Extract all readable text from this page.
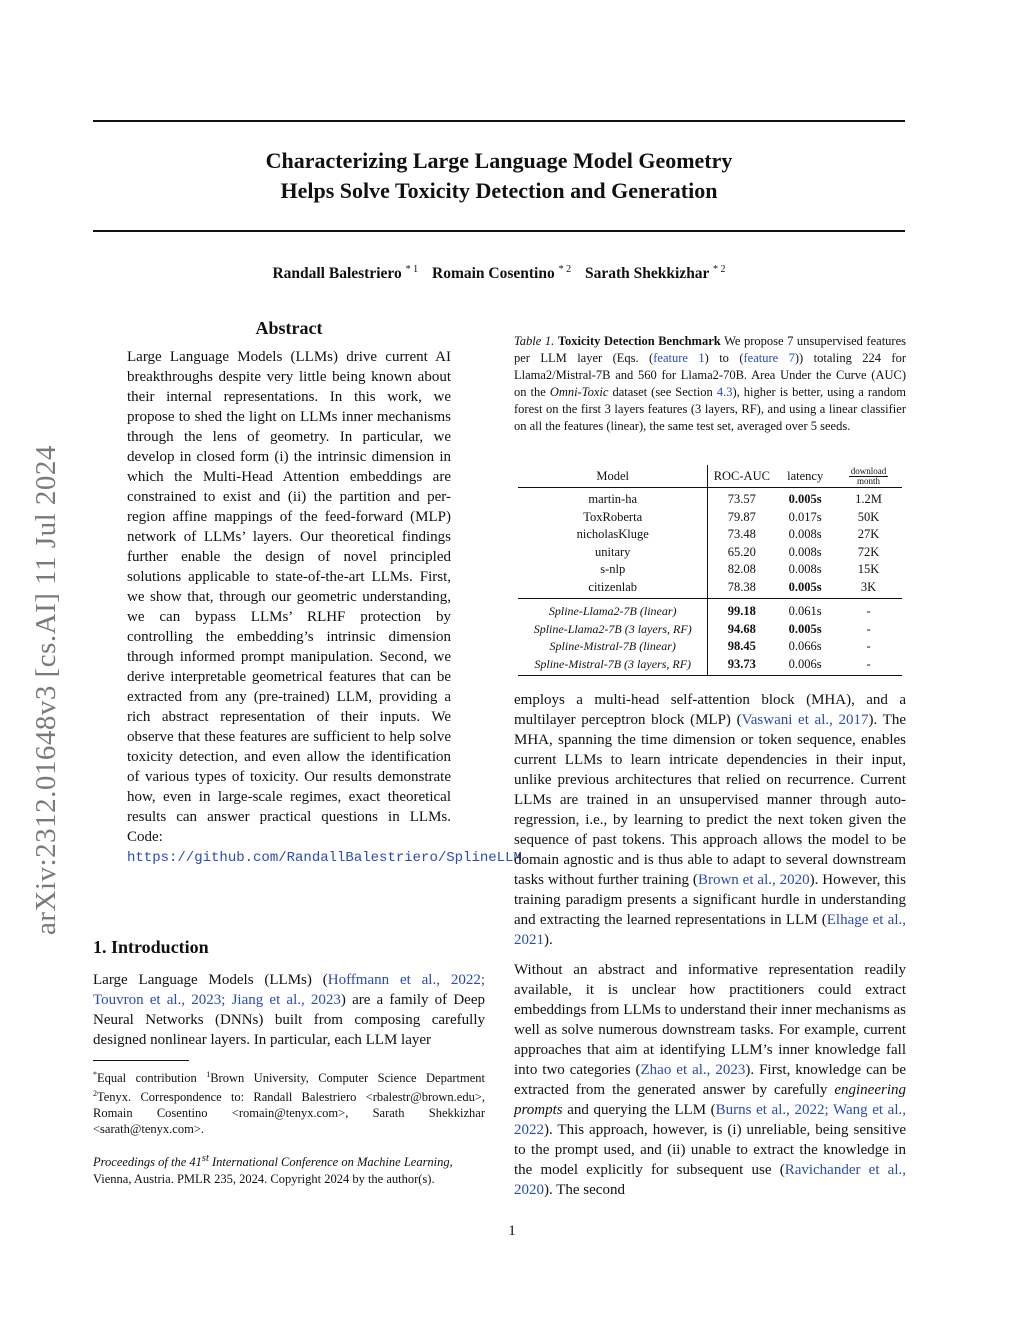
arXiv:2312.01648v3 [cs.AI] 11 Jul 2024
Characterizing Large Language Model Geometry
Helps Solve Toxicity Detection and Generation
Randall Balestriero $^{* 1}$ Romain Cosentino $^{* 2}$ Sarath Shekkizhar $^{* 2}$
Abstract
Large Language Models (LLMs) drive current AI breakthroughs despite very little being known about their internal representations. In this work, we propose to shed the light on LLMs inner mechanisms through the lens of geometry. In particular, we develop in closed form (i) the intrinsic dimension in which the Multi-Head Attention embeddings are constrained to exist and (ii) the partition and per-region affine mappings of the feed-forward (MLP) network of LLMs’ layers. Our theoretical findings further enable the design of novel principled solutions applicable to state-of-the-art LLMs. First, we show that, through our geometric understanding, we can bypass LLMs’ RLHF protection by controlling the embedding’s intrinsic dimension through informed prompt manipulation. Second, we derive interpretable geometrical features that can be extracted from any (pre-trained) LLM, providing a rich abstract representation of their inputs. We observe that these features are sufficient to help solve toxicity detection, and even allow the identification of various types of toxicity. Our results demonstrate how, even in large-scale regimes, exact theoretical results can answer practical questions in LLMs. Code: https://github.com/RandallBalestriero/SplineLLM
1. Introduction
Large Language Models (LLMs) (Hoffmann et al., 2022; Touvron et al., 2023; Jiang et al., 2023) are a family of Deep Neural Networks (DNNs) built from composing carefully designed nonlinear layers. In particular, each LLM layer
*Equal contribution $^1$Brown University, Computer Science Department $^2$Tenyx. Correspondence to: Randall Balestriero <rbalestr@brown.edu>, Romain Cosentino <romain@tenyx.com>, Sarath Shekkizhar <sarath@tenyx.com>.
Proceedings of the 41st International Conference on Machine Learning, Vienna, Austria. PMLR 235, 2024. Copyright 2024 by the author(s).
Table 1. Toxicity Detection Benchmark We propose 7 unsupervised features per LLM layer (Eqs. (feature 1) to (feature 7)) totaling 224 for Llama2/Mistral-7B and 560 for Llama2-70B. Area Under the Curve (AUC) on the Omni-Toxic dataset (see Section 4.3), higher is better, using a random forest on the first 3 layers features (3 layers, RF), and using a linear classifier on all the features (linear), the same test set, averaged over 5 seeds.
Model	ROC-AUC	latency	$\frac{\text{download}}{\text{month}}$

martin-ha	73.57	0.005s	1.2M
ToxRoberta	79.87	0.017s	50K
nicholasKluge	73.48	0.008s	27K
unitary	65.20	0.008s	72K
s-nlp	82.08	0.008s	15K
citizenlab	78.38	0.005s	3K
Spline-Llama2-7B (linear)	99.18	0.061s	-
Spline-Llama2-7B (3 layers, RF)	94.68	0.005s	-
Spline-Mistral-7B (linear)	98.45	0.066s	-
Spline-Mistral-7B (3 layers, RF)	93.73	0.006s	-
employs a multi-head self-attention block (MHA), and a multilayer perceptron block (MLP) (Vaswani et al., 2017). The MHA, spanning the time dimension or token sequence, enables current LLMs to learn intricate dependencies in their input, unlike previous architectures that relied on recurrence. Current LLMs are trained in an unsupervised manner through auto-regression, i.e., by learning to predict the next token given the sequence of past tokens. This approach allows the model to be domain agnostic and is thus able to adapt to several downstream tasks without further training (Brown et al., 2020). However, this training paradigm presents a significant hurdle in understanding and extracting the learned representations in LLM (Elhage et al., 2021).
Without an abstract and informative representation readily available, it is unclear how practitioners could extract embeddings from LLMs to understand their inner mechanisms as well as solve numerous downstream tasks. For example, current approaches that aim at identifying LLM’s inner knowledge fall into two categories (Zhao et al., 2023). First, knowledge can be extracted from the generated answer by carefully engineering prompts and querying the LLM (Burns et al., 2022; Wang et al., 2022). This approach, however, is (i) unreliable, being sensitive to the prompt used, and (ii) unable to extract the knowledge in the model explicitly for subsequent use (Ravichander et al., 2020). The second
1
